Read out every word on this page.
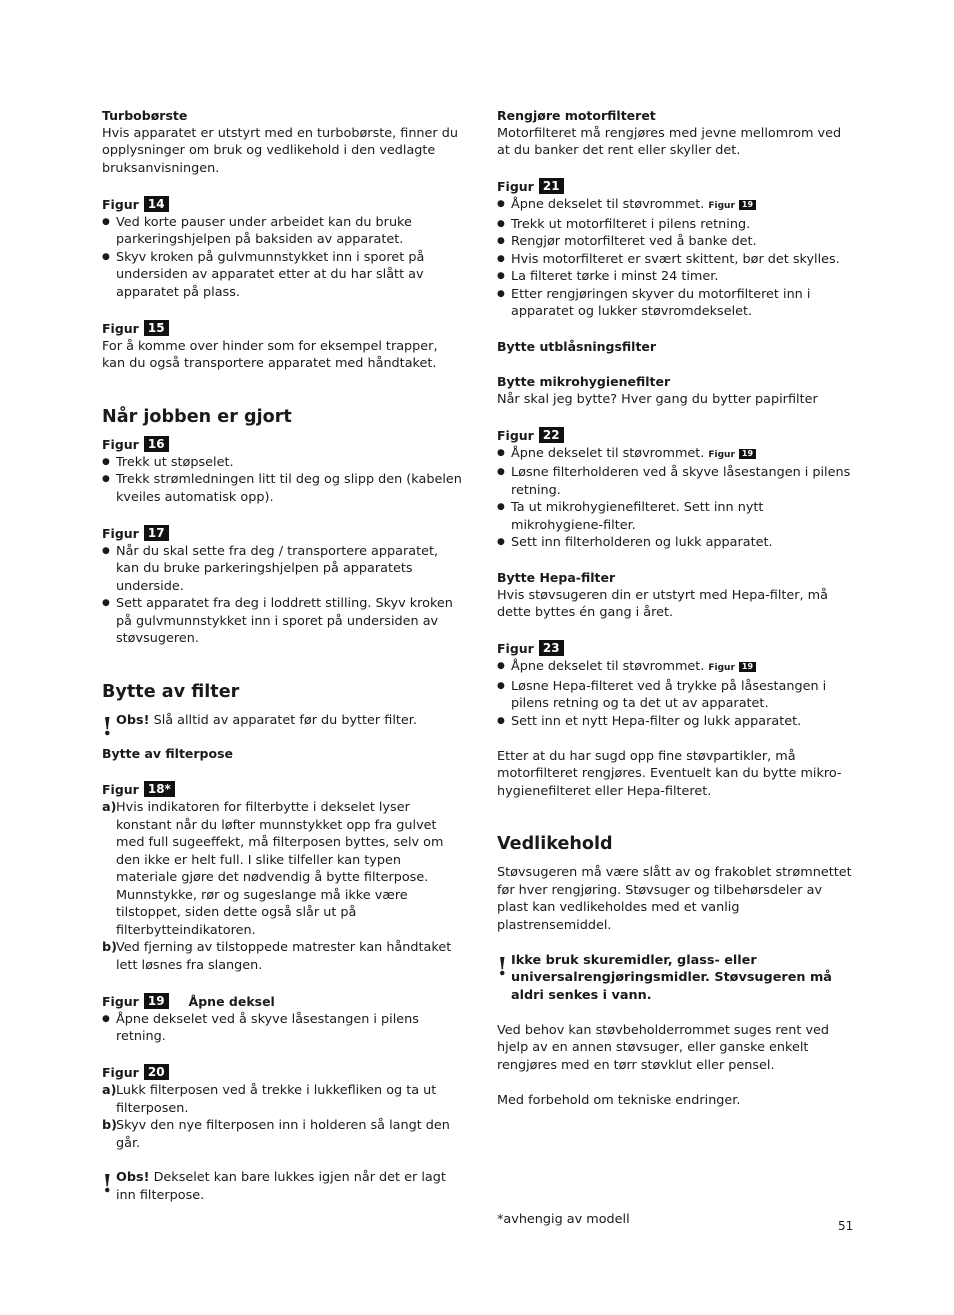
Turbobørste

Hvis apparatet er utstyrt med en turbobørste, finner du opplysninger om bruk og vedlikehold i den vedlagte bruksanvisningen.

Figur 14
● Ved korte pauser under arbeidet kan du bruke parkeringshjelpen på baksiden av apparatet.
● Skyv kroken på gulvmunnstykket inn i sporet på undersiden av apparatet etter at du har slått av apparatet på plass.
Figur 15

For å komme over hinder som for eksempel trapper, kan du også transportere apparatet med håndtaket.

Når jobben er gjort

Figur 16
● Trekk ut støpselet.
● Trekk strømledningen litt til deg og slipp den (kabelen kveiles automatisk opp).
Figur 17
● Når du skal sette fra deg / transportere apparatet, kan du bruke parkeringshjelpen på apparatets underside.
● Sett apparatet fra deg i loddrett stilling. Skyv kroken på gulvmunnstykket inn i sporet på undersiden av støvsugeren.

Bytte av filter

! Obs! Slå alltid av apparatet før du bytter filter.

Bytte av filterpose

Figur 18*
a) Hvis indikatoren for filterbytte i dekselet lyser konstant når du løfter munnstykket opp fra gulvet med full sugeeffekt, må filterposen byttes, selv om den ikke er helt full. I slike tilfeller kan typen materiale gjøre det nødvendig å bytte filterpose. Munnstykke, rør og sugeslange må ikke være tilstoppet, siden dette også slår ut på filterbytteindikatoren.
b)
Ved fjerning av tilstoppede matrester kan håndtaket lett løsnes fra slangen.
Figur 19	Åpne deksel
● Åpne dekselet ved å skyve låsestangen i pilens retning.
Figur 20
a) Lukk filterposen ved å trekke i lukkefliken og ta ut filterposen.
b)
Skyv den nye filterposen inn i holderen så langt den går.
! Obs! Dekselet kan bare lukkes igjen når det er lagt inn filterpose.

Rengjøre motorfilteret

Motorfilteret må rengjøres med jevne mellomrom ved at du banker det rent eller skyller det.

Figur 21
● Åpne dekselet til støvrommet. Figur 19
● Trekk ut motorfilteret i pilens retning.
● Rengjør motorfilteret ved å banke det.
● Hvis motorfilteret er svært skittent, bør det skylles.
● La filteret tørke i minst 24 timer.
● Etter rengjøringen skyver du motorfilteret inn i apparatet og lukker støvromdekselet.

Bytte utblåsningsfilter

Bytte mikrohygienefilter

Når skal jeg bytte? Hver gang du bytter papirfilter

Figur 22
● Åpne dekselet til støvrommet. Figur 19
● Løsne filterholderen ved å skyve låsestangen i pilens retning.
● Ta ut mikrohygienefilteret. Sett inn nytt mikrohygiene-filter.
● Sett inn filterholderen og lukk apparatet.

Bytte Hepa-filter

Hvis støvsugeren din er utstyrt med Hepa-filter, må dette byttes én gang i året.

Figur 23
● Åpne dekselet til støvrommet. Figur 19
● Løsne Hepa-filteret ved å trykke på låsestangen i pilens retning og ta det ut av apparatet.
● Sett inn et nytt Hepa-filter og lukk apparatet.

Etter at du har sugd opp fine støvpartikler, må motorfilteret rengjøres. Eventuelt kan du bytte mikro-hygienefilteret eller Hepa-filteret.

Vedlikehold

Støvsugeren må være slått av og frakoblet strømnettet før hver rengjøring. Støvsuger og tilbehørsdeler av plast kan vedlikeholdes med et vanlig plastrensemiddel.

! Ikke bruk skuremidler, glass- eller universalrengjøringsmidler. Støvsugeren må aldri senkes i vann.

Ved behov kan støvbeholderrommet suges rent ved hjelp av en annen støvsuger, eller ganske enkelt rengjøres med en tørr støvklut eller pensel.

Med forbehold om tekniske endringer.

*avhengig av modell	51
